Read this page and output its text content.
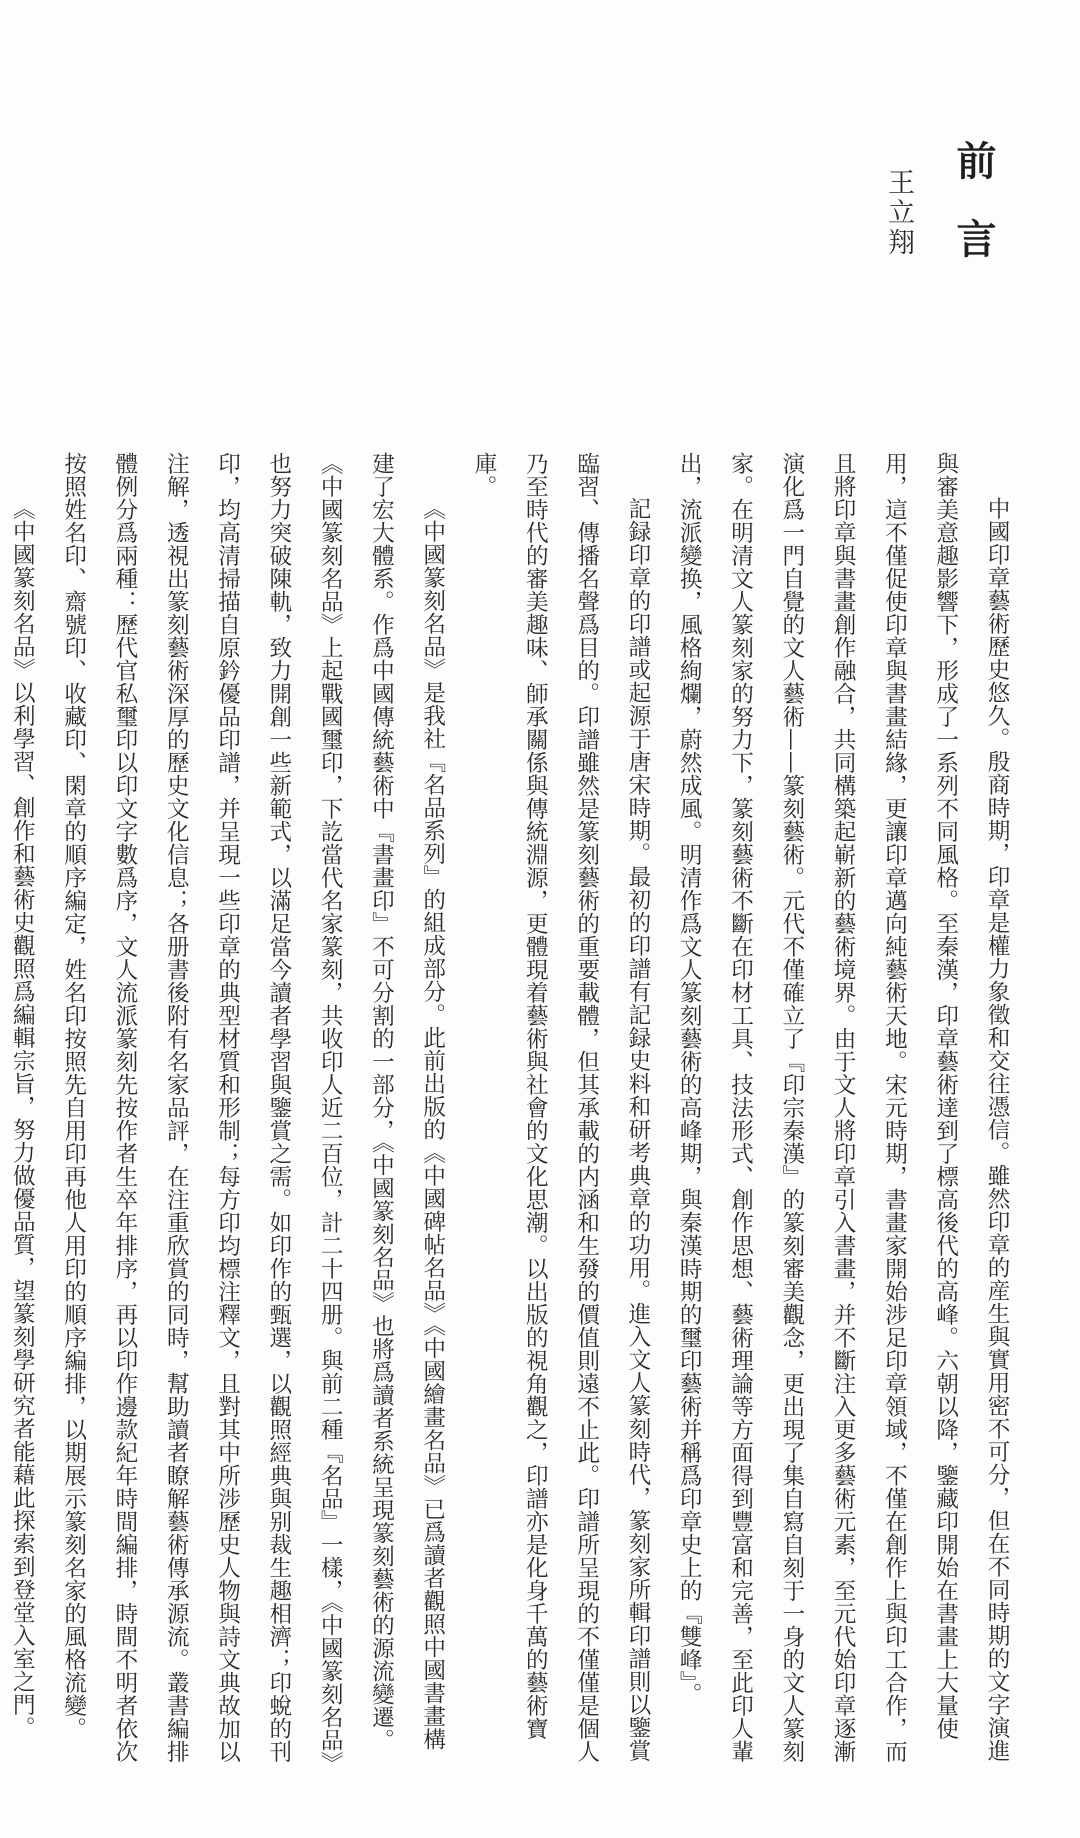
前言
王立翔

中國印章藝術歷史悠久。殷商時期，印章是權力象徵和交往憑信。雖然印章的産生與實用密不可分，但在不同時期的文字演進與審美意趣影響下，形成了一系列不同風格。至秦漢，印章藝術達到了標高後代的高峰。六朝以降，鑒藏印開始在書畫上大量使用，這不僅促使印章與書畫結緣，更讓印章邁向純藝術天地。宋元時期，書畫家開始涉足印章領域，不僅在創作上與印工合作，而且將印章與書畫創作融合，共同構築起嶄新的藝術境界。由于文人將印章引入書畫，并不斷注入更多藝術元素，至元代始印章逐漸演化爲一門自覺的文人藝術——篆刻藝術。元代不僅確立了『印宗秦漢』的篆刻審美觀念，更出現了集自寫自刻于一身的文人篆刻家。在明清文人篆刻家的努力下，篆刻藝術不斷在印材工具、技法形式、創作思想、藝術理論等方面得到豐富和完善，至此印人輩出，流派變换，風格絢爛，蔚然成風。明清作爲文人篆刻藝術的高峰期，與秦漢時期的璽印藝術并稱爲印章史上的『雙峰』。

記録印章的印譜或起源于唐宋時期。最初的印譜有記録史料和研考典章的功用。進入文人篆刻時代，篆刻家所輯印譜則以鑒賞臨習、傳播名聲爲目的。印譜雖然是篆刻藝術的重要載體，但其承載的内涵和生發的價值則遠不止此。印譜所呈現的不僅僅是個人乃至時代的審美趣味、師承關係與傳統淵源，更體現着藝術與社會的文化思潮。以出版的視角觀之，印譜亦是化身千萬的藝術寶庫。

《中國篆刻名品》是我社『名品系列』的組成部分。此前出版的《中國碑帖名品》《中國繪畫名品》已爲讀者觀照中國書畫構建了宏大體系。作爲中國傳統藝術中『書畫印』不可分割的一部分，《中國篆刻名品》也將爲讀者系統呈現篆刻藝術的源流變遷。《中國篆刻名品》上起戰國璽印，下訖當代名家篆刻，共收印人近二百位，計二十四册。與前二種『名品』一樣，《中國篆刻名品》也努力突破陳軌，致力開創一些新範式，以滿足當今讀者學習與鑒賞之需。如印作的甄選，以觀照經典與别裁生趣相濟；印蛻的刊印，均高清掃描自原鈐優品印譜，并呈現一些印章的典型材質和形制；每方印均標注釋文，且對其中所涉歷史人物與詩文典故加以注解，透視出篆刻藝術深厚的歷史文化信息；各册書後附有名家品評，在注重欣賞的同時，幫助讀者瞭解藝術傳承源流。叢書編排體例分爲兩種：歷代官私璽印以印文字數爲序，文人流派篆刻先按作者生卒年排序，再以印作邊款紀年時間編排，時間不明者依次按照姓名印、齋號印、收藏印、閑章的順序編定，姓名印按照先自用印再他人用印的順序編排，以期展示篆刻名家的風格流變。

《中國篆刻名品》以利學習、創作和藝術史觀照爲編輯宗旨，努力做優品質，望篆刻學研究者能藉此探索到登堂入室之門。
